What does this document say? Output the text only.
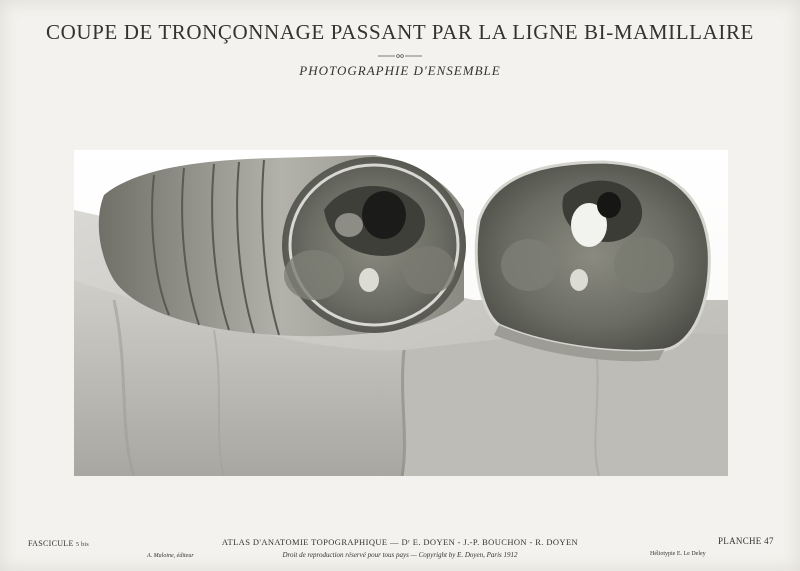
COUPE DE TRONÇONNAGE PASSANT PAR LA LIGNE BI-MAMILLAIRE
PHOTOGRAPHIE D'ENSEMBLE
FASCICULE 5 bis	ATLAS D'ANATOMIE TOPOGRAPHIQUE — Dʳ E. DOYEN - J.-P. BOUCHON - R. DOYEN	PLANCHE 47
A. Maloine, éditeur	Droit de reproduction réservé pour tous pays — Copyright by E. Doyen, Paris 1912	Héliotypie E. Le Deley
